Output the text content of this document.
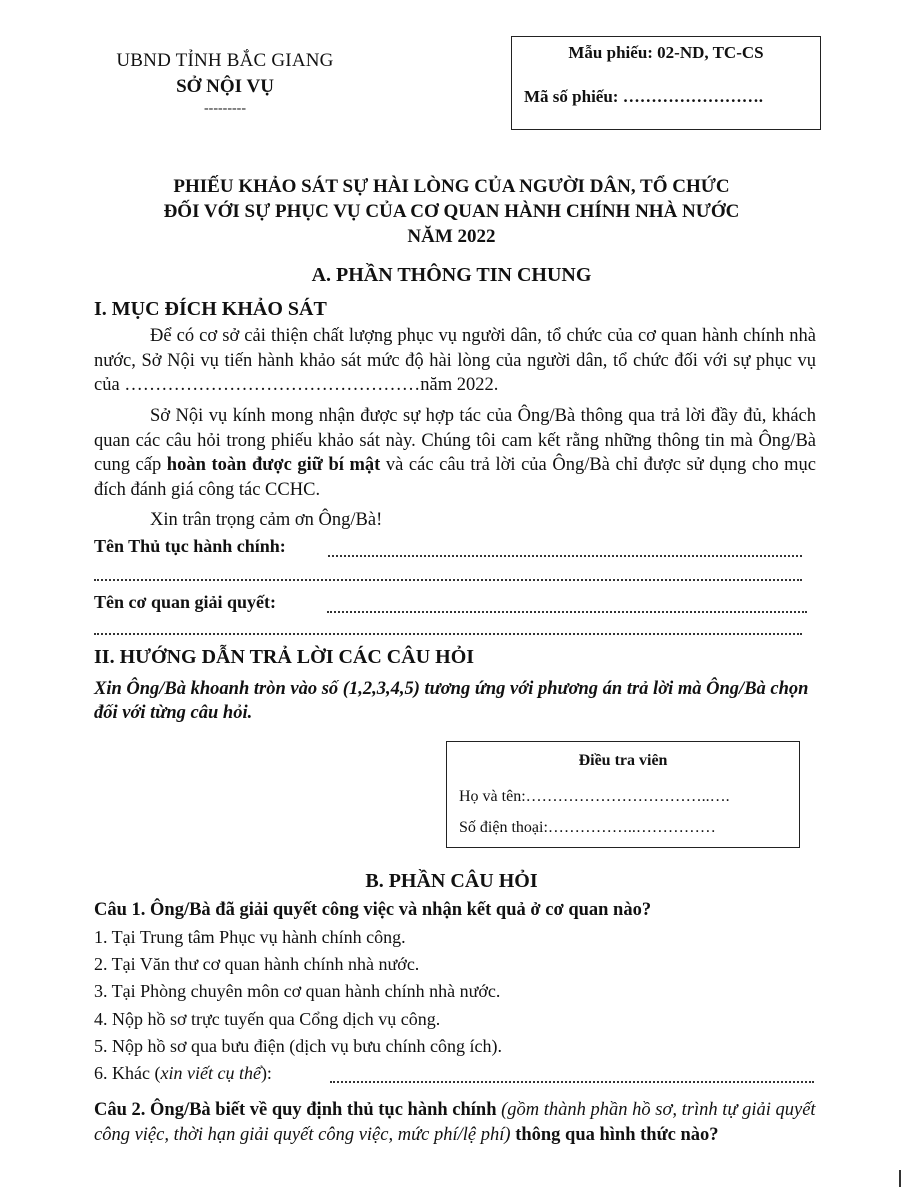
UBND TỈNH BẮC GIANG
SỞ NỘI VỤ
---------
Mẫu phiếu: 02-ND, TC-CS
Mã số phiếu: …………………….
PHIẾU KHẢO SÁT SỰ HÀI LÒNG CỦA NGƯỜI DÂN, TỔ CHỨC
ĐỐI VỚI SỰ PHỤC VỤ CỦA CƠ QUAN HÀNH CHÍNH NHÀ NƯỚC
NĂM 2022
A. PHẦN THÔNG TIN CHUNG
I. MỤC ĐÍCH KHẢO SÁT
Để có cơ sở cải thiện chất lượng phục vụ người dân, tổ chức của cơ quan hành chính nhà nước, Sở Nội vụ tiến hành khảo sát mức độ hài lòng của người dân, tổ chức đối với sự phục vụ của …………………………………………năm 2022.
Sở Nội vụ kính mong nhận được sự hợp tác của Ông/Bà thông qua trả lời đầy đủ, khách quan các câu hỏi trong phiếu khảo sát này. Chúng tôi cam kết rằng những thông tin mà Ông/Bà cung cấp hoàn toàn được giữ bí mật và các câu trả lời của Ông/Bà chỉ được sử dụng cho mục đích đánh giá công tác CCHC.
Xin trân trọng cảm ơn Ông/Bà!
Tên Thủ tục hành chính:
Tên cơ quan giải quyết:
II. HƯỚNG DẪN TRẢ LỜI CÁC CÂU HỎI
Xin Ông/Bà khoanh tròn vào số (1,2,3,4,5) tương ứng với phương án trả lời mà Ông/Bà chọn đối với từng câu hỏi.
Điều tra viên
Họ và tên:……………………………..….
Số điện thoại:……………..……………
B. PHẦN CÂU HỎI
Câu 1. Ông/Bà đã giải quyết công việc và nhận kết quả ở cơ quan nào?
1. Tại Trung tâm Phục vụ hành chính công.
2. Tại Văn thư cơ quan hành chính nhà nước.
3. Tại Phòng chuyên môn cơ quan hành chính nhà nước.
4. Nộp hồ sơ trực tuyến qua Cổng dịch vụ công.
5. Nộp hồ sơ qua bưu điện (dịch vụ bưu chính công ích).
6. Khác (xin viết cụ thể):
Câu 2. Ông/Bà biết về quy định thủ tục hành chính (gồm thành phần hồ sơ, trình tự giải quyết công việc, thời hạn giải quyết công việc, mức phí/lệ phí) thông qua hình thức nào?
